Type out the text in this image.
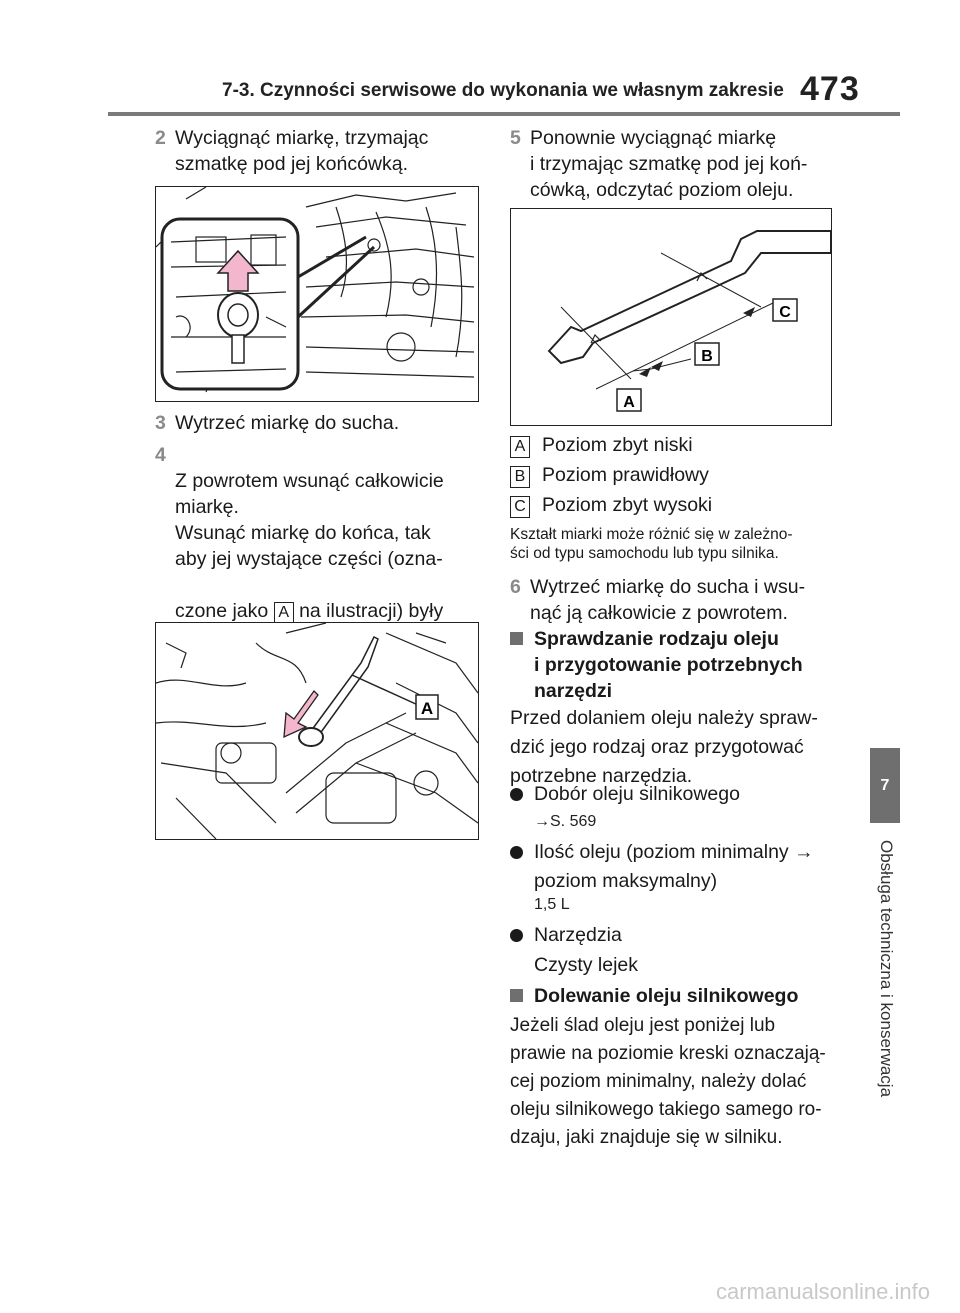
7-3. Czynności serwisowe do wykonania we własnym zakresie 473
7
Obsługa techniczna i konserwacja
2 Wyciągnąć miarkę, trzymając
szmatkę pod jej końcówką.
3 Wytrzeć miarkę do sucha.
4

Z powrotem wsunąć całkowicie
miarkę.
Wsunąć miarkę do końca, tak
aby jej wystające części (ozna-

czone jako A na ilustracji) były

A
5 Ponownie wyciągnąć miarkę
i trzymając szmatkę pod jej koń-
cówką, odczytać poziom oleju.
C
B
A
A Poziom zbyt niski
B Poziom prawidłowy
C Poziom zbyt wysoki
Kształt miarki może różnić się w zależno-
ści od typu samochodu lub typu silnika.
6 Wytrzeć miarkę do sucha i wsu-
nąć ją całkowicie z powrotem.
Sprawdzanie rodzaju oleju
i przygotowanie potrzebnych
narzędzi
Przed dolaniem oleju należy spraw-
dzić jego rodzaj oraz przygotować
potrzebne narzędzia.
Dobór oleju silnikowego
→S. 569
Ilość oleju (poziom minimalny →
poziom maksymalny)
1,5 L
Narzędzia
Czysty lejek
Dolewanie oleju silnikowego
Jeżeli ślad oleju jest poniżej lub
prawie na poziomie kreski oznaczają-
cej poziom minimalny, należy dolać
oleju silnikowego takiego samego ro-
dzaju, jaki znajduje się w silniku.
carmanualsonline.info
